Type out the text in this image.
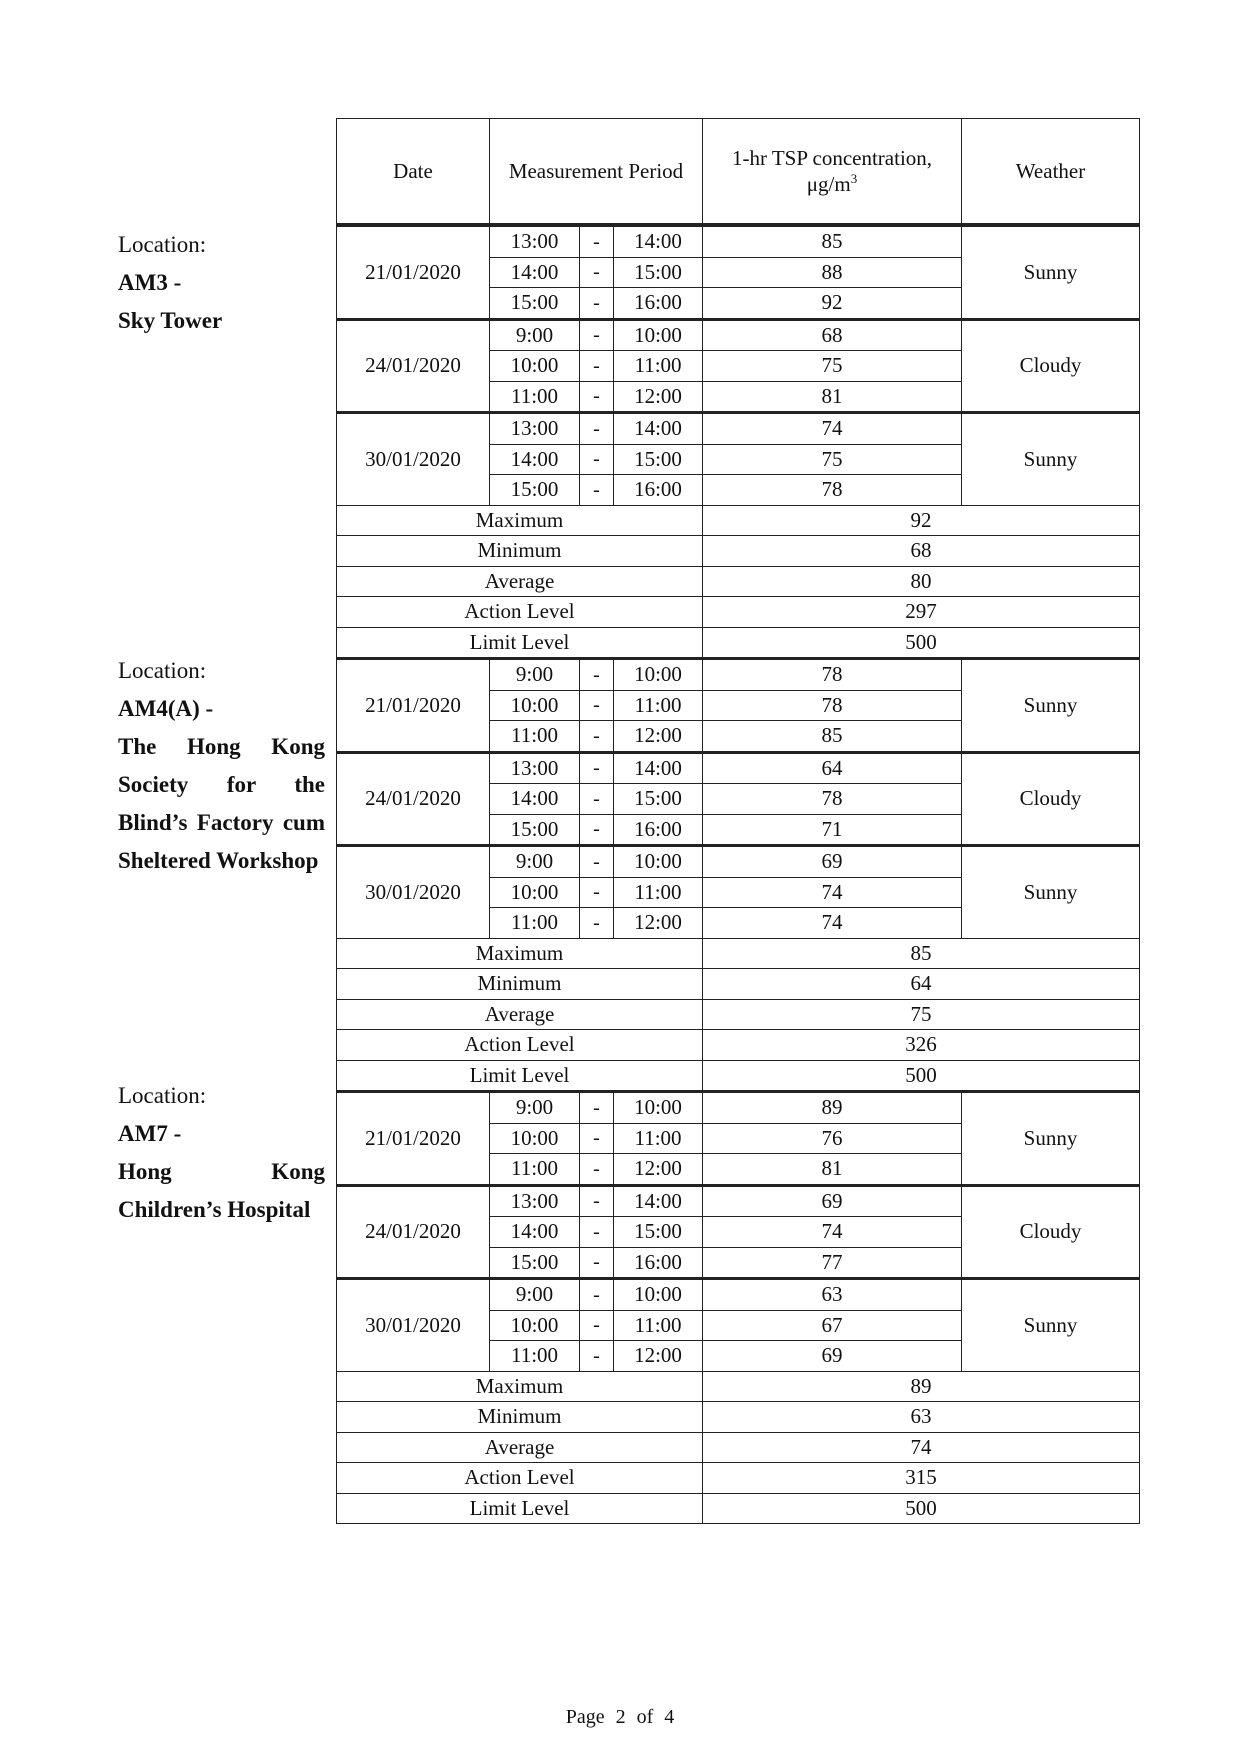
Date	Measurement Period			1-hr TSP concentration,
$\mu g/m^3$	Weather
21/01/2020	13:00	-	14:00	85	Sunny
	14:00	-	15:00	88	
	15:00	-	16:00	92	
24/01/2020	9:00	-	10:00	68	Cloudy
	10:00	-	11:00	75	
	11:00	-	12:00	81	
30/01/2020	13:00	-	14:00	74	Sunny
	14:00	-	15:00	75	
	15:00	-	16:00	78	
Maximum				92	
Minimum				68	
Average				80	
Action Level				297	
Limit Level				500	
21/01/2020	9:00	-	10:00	78	Sunny
	10:00	-	11:00	78	
	11:00	-	12:00	85	
24/01/2020	13:00	-	14:00	64	Cloudy
	14:00	-	15:00	78	
	15:00	-	16:00	71	
30/01/2020	9:00	-	10:00	69	Sunny
	10:00	-	11:00	74	
	11:00	-	12:00	74	
Maximum				85	
Minimum				64	
Average				75	
Action Level				326	
Limit Level				500	
21/01/2020	9:00	-	10:00	89	Sunny
	10:00	-	11:00	76	
	11:00	-	12:00	81	
24/01/2020	13:00	-	14:00	69	Cloudy
	14:00	-	15:00	74	
	15:00	-	16:00	77	
30/01/2020	9:00	-	10:00	63	Sunny
	10:00	-	11:00	67	
	11:00	-	12:00	69	
Maximum				89	
Minimum				63	
Average				74	
Action Level				315	
Limit Level				500	
Location:
AM3 -
Sky Tower
Location:
AM4(A) -
The Hong Kong Society for the Blind’s Factory cum Sheltered Workshop
Location:
AM7 -
Hong Kong Children’s Hospital
Page 2 of 4
